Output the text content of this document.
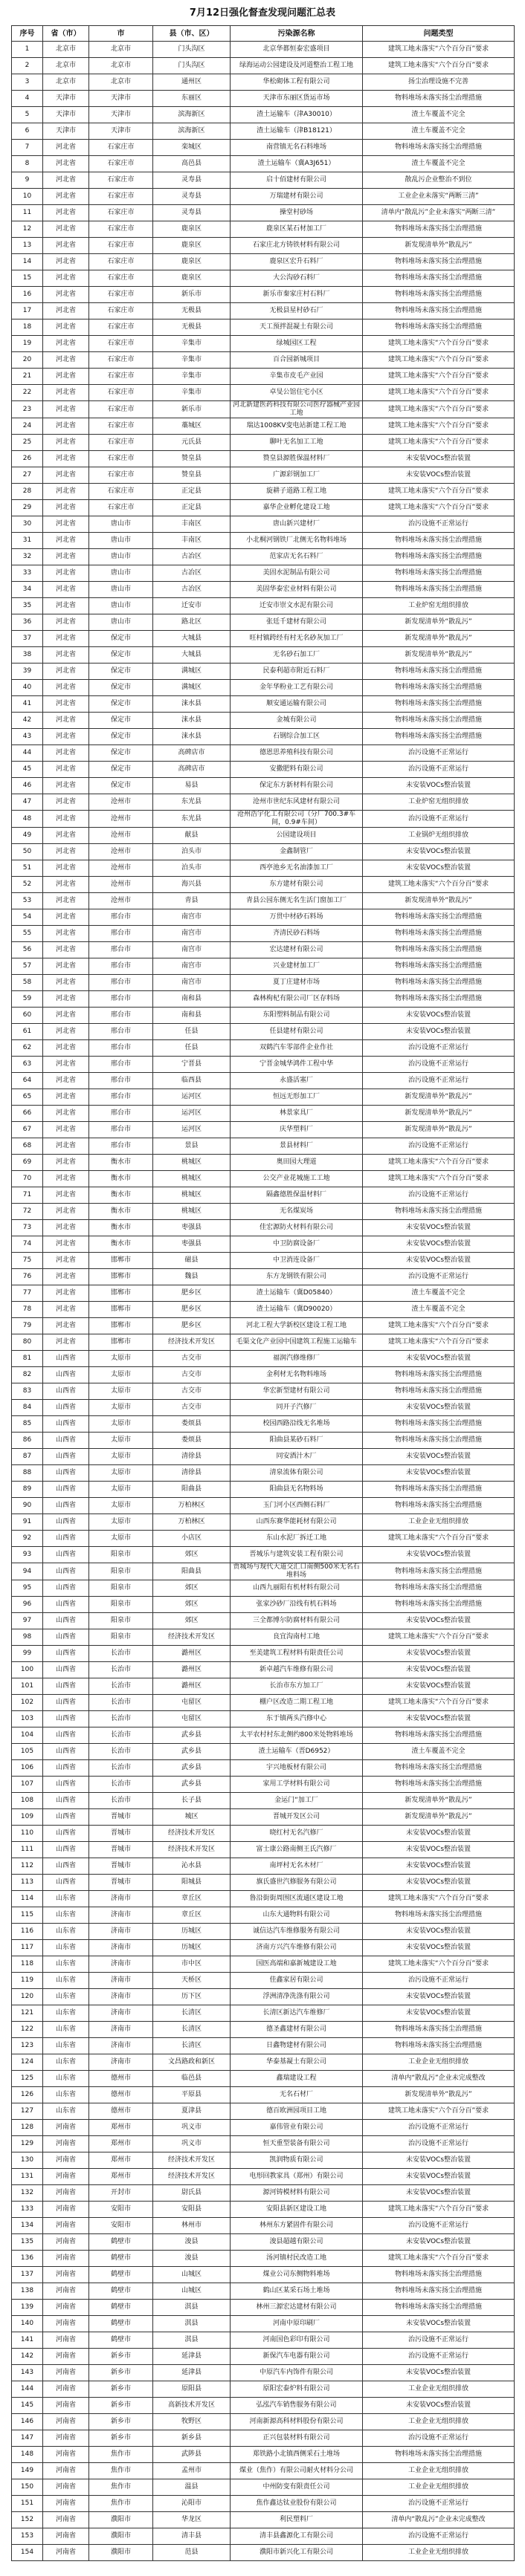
7月12日强化督查发现问题汇总表
序号	省（市）	市	县（市、区）	污染源名称	问题类型
1	北京市	北京市	门头沟区	北京华都恒泰宏盛项目	建筑工地未落实“六个百分百”要求
2	北京市	北京市	门头沟区	绿海运动公园建设及河道整治工程工地	建筑工地未落实“六个百分百”要求
3	北京市	北京市	通州区	华松砌体工程有限公司	扬尘治理设施不完善
4	天津市	天津市	东丽区	天津市东丽区货运市场	物料堆场未落实扬尘治理措施
5	天津市	天津市	滨海新区	渣土运输车（津A30010）	渣土车覆盖不完全
6	天津市	天津市	滨海新区	渣土运输车（津B18121）	渣土车覆盖不完全
7	河北省	石家庄市	栾城区	南营镇无名石料堆场	物料堆场未落实扬尘治理措施
8	河北省	石家庄市	高邑县	渣土运输车（冀A3J651）	渣土车覆盖不完全
9	河北省	石家庄市	灵寿县	启十佰建材有限公司	散乱污企业整治不到位
10	河北省	石家庄市	灵寿县	万瑞建材有限公司	工业企业未落实“两断三清”
11	河北省	石家庄市	灵寿县	操堂村砂场	清单内“散乱污”企业未落实“两断三清”
12	河北省	石家庄市	鹿泉区	鹿泉区某石材加工厂	物料堆场未落实扬尘治理措施
13	河北省	石家庄市	鹿泉区	石家庄北方铸铁材料有限公司	新发现清单外“散乱污”
14	河北省	石家庄市	鹿泉区	鹿泉区宏升石料厂	物料堆场未落实扬尘治理措施
15	河北省	石家庄市	鹿泉区	大公沟砂石料厂	物料堆场未落实扬尘治理措施
16	河北省	石家庄市	新乐市	新乐市秦家庄村石料厂	物料堆场未落实扬尘治理措施
17	河北省	石家庄市	无极县	无极县星村砂石厂	物料堆场未落实扬尘治理措施
18	河北省	石家庄市	无极县	天工预拌混凝土有限公司	物料堆场未落实扬尘治理措施
19	河北省	石家庄市	辛集市	绿城园区工程	建筑工地未落实“六个百分百”要求
20	河北省	石家庄市	辛集市	百合园新城项目	建筑工地未落实“六个百分百”要求
21	河北省	石家庄市	辛集市	辛集市皮毛产业园	建筑工地未落实“六个百分百”要求
22	河北省	石家庄市	辛集市	卓旻公馆住宅小区	建筑工地未落实“六个百分百”要求
23	河北省	石家庄市	新乐市	河北新建医药科技有限公司医疗器械产业园工地	建筑工地未落实“六个百分百”要求
24	河北省	石家庄市	藁城区	瑞达1008KV变电站新建工程工地	建筑工地未落实“六个百分百”要求
25	河北省	石家庄市	元氏县	聊叶无名加工工地	建筑工地未落实“六个百分百”要求
26	河北省	石家庄市	赞皇县	赞皇县源胜保温材料厂	未安装VOCs整治装置
27	河北省	石家庄市	赞皇县	广源彩钢加工厂	未安装VOCs整治装置
28	河北省	石家庄市	正定县	旋耕子道路工程工地	建筑工地未落实“六个百分百”要求
29	河北省	石家庄市	正定县	嘉华企业孵化建设工地	建筑工地未落实“六个百分百”要求
30	河北省	唐山市	丰南区	唐山新兴建材厂	治污设施不正常运行
31	河北省	唐山市	丰南区	小北桐河钢铁厂北侧无名物料堆场	物料堆场未落实扬尘治理措施
32	河北省	唐山市	古冶区	范家店无名石料厂	物料堆场未落实扬尘治理措施
33	河北省	唐山市	古冶区	美固水泥制品有限公司	物料堆场未落实扬尘治理措施
34	河北省	唐山市	古冶区	美固华泰宏业材料有限公司	物料堆场未落实扬尘治理措施
35	河北省	唐山市	迁安市	迁安市崇文水泥有限公司	工业炉窑无组织排放
36	河北省	唐山市	路北区	张廷千建材有限公司	新发现清单外“散乱污”
37	河北省	保定市	大城县	旺村镇跨经有村无名砂灰加工厂	新发现清单外“散乱污”
38	河北省	保定市	大城县	无名砂石加工厂	新发现清单外“散乱污”
39	河北省	保定市	满城区	民泰利超市附近石料厂	物料堆场未落实扬尘治理措施
40	河北省	保定市	满城区	金年华粉业工艺有限公司	物料堆场未落实扬尘治理措施
41	河北省	保定市	涞水县	顺安通运输有限公司	物料堆场未落实扬尘治理措施
42	河北省	保定市	涞水县	金城有限公司	物料堆场未落实扬尘治理措施
43	河北省	保定市	涞水县	石钢综合加工区	物料堆场未落实扬尘治理措施
44	河北省	保定市	高碑店市	德恩思养殖科技有限公司	治污设施不正常运行
45	河北省	保定市	高碑店市	安撒肥料有限公司	治污设施不正常运行
46	河北省	保定市	易县	保定东方新材料有限公司	未安装VOCs整治装置
47	河北省	沧州市	东光县	沧州市世纪东风建材有限公司	工业炉窑无组织排放
48	河北省	沧州市	东光县	沧州浩宇化工有限公司（分厂700.3#车间，0.9#车间）	治污设施不正常运行
49	河北省	沧州市	献县	公园建设项目	工业锅炉无组织排放
50	河北省	沧州市	泊头市	金鑫制管厂	未安装VOCs整治装置
51	河北省	沧州市	泊头市	西亭池乡无名油漆加工厂	未安装VOCs整治装置
52	河北省	沧州市	海兴县	东方建材有限公司	建筑工地未落实“六个百分百”要求
53	河北省	沧州市	青县	青县公园东侧无名生活门窗加工厂	新发现清单外“散乱污”
54	河北省	邢台市	南宫市	万贯中材砂石料场	物料堆场未落实扬尘治理措施
55	河北省	邢台市	南宫市	齐清民砂石料场	物料堆场未落实扬尘治理措施
56	河北省	邢台市	南宫市	宏达建材有限公司	物料堆场未落实扬尘治理措施
57	河北省	邢台市	南宫市	兴业建材加工厂	物料堆场未落实扬尘治理措施
58	河北省	邢台市	南宫市	夏丁庄建材市场	物料堆场未落实扬尘治理措施
59	河北省	邢台市	南和县	森林枸杞有限公司厂区存料场	物料堆场未落实扬尘治理措施
60	河北省	邢台市	南和县	东阳塑料制品有限公司	未安装VOCs整治装置
61	河北省	邢台市	任县	任县建材有限公司	未安装VOCs整治装置
62	河北省	邢台市	任县	双鹤汽车零部件企业作社	治污设施不正常运行
63	河北省	邢台市	宁晋县	宁晋金城华鸿件工程中华	治污设施不正常运行
64	河北省	邢台市	临西县	永盛活塞厂	治污设施不正常运行
65	河北省	邢台市	运河区	恒远无形加工厂	新发现清单外“散乱污”
66	河北省	邢台市	运河区	林景家具厂	新发现清单外“散乱污”
67	河北省	邢台市	运河区	庆华塑料厂	新发现清单外“散乱污”
68	河北省	邢台市	景县	景县材料厂	治污设施不正常运行
69	河北省	衡水市	桃城区	奥田园大理道	建筑工地未落实“六个百分百”要求
70	河北省	衡水市	桃城区	公交产业花城施工工地	建筑工地未落实“六个百分百”要求
71	河北省	衡水市	桃城区	隔鑫德胜保温材料厂	治污设施不正常运行
72	河北省	衡水市	桃城区	无名煤炭场	物料堆场未落实扬尘治理措施
73	河北省	衡水市	枣强县	佳宏源防火材料有限公司	未安装VOCs整治装置
74	河北省	衡水市	枣强县	中卫防腐设备厂	未安装VOCs整治装置
75	河北省	邯郸市	磁县	中卫消连设备厂	未安装VOCs整治装置
76	河北省	邯郸市	魏县	东方龙钢铁有限公司	治污设施不正常运行
77	河北省	邯郸市	肥乡区	渣土运输车（冀D05840）	渣土车覆盖不完全
78	河北省	邯郸市	肥乡区	渣土运输车（冀D90020）	渣土车覆盖不完全
79	河北省	邯郸市	肥乡区	河北工程大学新校区建设工程工地	建筑工地未落实“六个百分百”要求
80	河北省	邯郸市	经济技术开发区	毛渠文化产业园中国建筑工程施工运输车	建筑工地未落实“六个百分百”要求
81	山西省	太原市	古交市	福润汽修维修厂	未安装VOCs整治装置
82	山西省	太原市	古交市	金利材无名物料堆场	物料堆场未落实扬尘治理措施
83	山西省	太原市	古交市	华宏新型建材有限公司	物料堆场未落实扬尘治理措施
84	山西省	太原市	古交市	同开子汽修厂	未安装VOCs整治装置
85	山西省	太原市	娄烦县	校园西路沿线无名堆场	物料堆场未落实扬尘治理措施
86	山西省	太原市	娄烦县	阳曲县某砂石料厂	物料堆场未落实扬尘治理措施
87	山西省	太原市	清徐县	同安酒汁木厂	未安装VOCs整治装置
88	山西省	太原市	清徐县	清泉流体有限公司	未安装VOCs整治装置
89	山西省	太原市	阳曲县	阳曲县无名物料场	物料堆场未落实扬尘治理措施
90	山西省	太原市	万柏林区	玉门河小区西侧石料厂	物料堆场未落实扬尘治理措施
91	山西省	太原市	万柏林区	山西东赛华能耗材有限公司	工业企业无组织排放
92	山西省	太原市	小店区	东山水泥厂拆迁工地	建筑工地未落实“六个百分百”要求
93	山西省	阳泉市	郊区	晋城乐与建筑安装工程有限公司	未安装VOCs整治装置
94	山西省	阳泉市	阳曲县	贾城场与现代大道交汇口南侧500米无名石堆料场	物料堆场未落实扬尘治理措施
95	山西省	阳泉市	郊区	山西九丽阳有机材料有限公司	物料堆场未落实扬尘治理措施
96	山西省	阳泉市	郊区	张家沙砂厂沿线有机石料场	物料堆场未落实扬尘治理措施
97	山西省	阳泉市	郊区	三全都博尔防腐材料有限公司	未安装VOCs整治装置
98	山西省	阳泉市	经济技术开发区	良宜沟南村工地	建筑工地未落实“六个百分百”要求
99	山西省	长治市	潞州区	至美建筑工程材料有限责任公司	未安装VOCs整治装置
100	山西省	长治市	潞州区	新卓越汽车维修有限公司	未安装VOCs整治装置
101	山西省	长治市	潞州区	长治市东方加工厂	未安装VOCs整治装置
102	山西省	长治市	屯留区	棚户区改造二期工程工地	建筑工地未落实“六个百分百”要求
103	山西省	长治市	屯留区	东于镇两头汽修中心	未安装VOCs整治装置
104	山西省	长治市	武乡县	太平农村村东北侧约800米处物料堆场	物料堆场未落实扬尘治理措施
105	山西省	长治市	武乡县	渣土运输车（晋D6952）	渣土车覆盖不完全
106	山西省	长治市	武乡县	宇兴地板材有限公司	物料堆场未落实扬尘治理措施
107	山西省	长治市	武乡县	家用工学材料有限公司	物料堆场未落实扬尘治理措施
108	山西省	长治市	长子县	金运门“加工厂	新发现清单外“散乱污”
109	山西省	晋城市	城区	晋城开发区公司	新发现清单外“散乱污”
110	山西省	晋城市	经济技术开发区	晓红村无名汽修厂	未安装VOCs整治装置
111	山西省	晋城市	经济技术开发区	富士康公路南侧王氏汽修厂	未安装VOCs整治装置
112	山西省	晋城市	沁水县	南坪村无名木材厂	未安装VOCs整治装置
113	山西省	晋城市	阳城县	旗氏盛世汽修服务有限公司	未安装VOCs整治装置
114	山东省	济南市	章丘区	鲁沿街街周围区流通区建设工地	建筑工地未落实“六个百分百”要求
115	山东省	济南市	章丘区	山东大通物料有限公司	物料堆场未落实扬尘治理措施
116	山东省	济南市	历城区	诚信达汽车维修服务有限公司	未安装VOCs整治装置
117	山东省	济南市	历城区	济南方兴汽车维修有限公司	未安装VOCs整治装置
118	山东省	济南市	市中区	国医高端和嘉新城建设工地	建筑工地未落实“六个百分百”要求
119	山东省	济南市	天桥区	佳鑫家居有限公司	治污设施不正常运行
120	山东省	济南市	历下区	浮洲清净洗涤有限公司	未安装VOCs整治装置
121	山东省	济南市	长清区	长清区新达汽车维修厂	未安装VOCs整治装置
122	山东省	济南市	长清区	德圣鑫建材有限公司	物料堆场未落实扬尘治理措施
123	山东省	济南市	长清区	日鑫物建材有限公司	物料堆场未落实扬尘治理措施
124	山东省	济南市	文昌路政和新区	华泰基凝土有限公司	工业企业无组织排放
125	山东省	德州市	临邑县	鑫瑞建设工程	清单内“散乱污”企业未完成整改
126	山东省	德州市	平原县	无名石材厂	新发现清单外“散乱污”
127	山东省	德州市	夏津县	德百欧洲园项目工地	建筑工地未落实“六个百分百”要求
128	河南省	郑州市	巩义市	嘉伟管业有限公司	治污设施不正常运行
129	河南省	郑州市	巩义市	恒天重型装备有限公司	治污设施不正常运行
130	河南省	郑州市	经济技术开发区	凯润物质有限公司	未安装VOCs整治装置
131	河南省	郑州市	经济技术开发区	电形回教家具（郑州）有限公司	未安装VOCs整治装置
132	河南省	开封市	尉氏县	源河铸模材料有限公司	未安装VOCs整治装置
133	河南省	安阳市	安阳县	安阳县新区建设工地	建筑工地未落实“六个百分百”要求
134	河南省	安阳市	林州市	林州东方紧固件有限公司	治污设施不正常运行
135	河南省	鹤壁市	浚县	浚县超越有限公司	未安装VOCs整治装置
136	河南省	鹤壁市	浚县	汤河镇村民改造工地	建筑工地未落实“六个百分百”要求
137	河南省	鹤壁市	山城区	煤业公司东侧物料堆场	物料堆场未落实扬尘治理措施
138	河南省	鹤壁市	山城区	鹤山区某采石场土堆场	物料堆场未落实扬尘治理措施
139	河南省	鹤壁市	淇县	林州三源宏达建材有限公司	物料堆场未落实扬尘治理措施
140	河南省	鹤壁市	淇县	河南中原印刷厂	未安装VOCs整治装置
141	河南省	鹤壁市	淇县	河南国色彩印有限公司	治污设施不正常运行
142	河南省	新乡市	延津县	新保汽车电器有限公司	治污设施不正常运行
143	河南省	新乡市	延津县	中原汽车内饰件有限公司	未安装VOCs整治装置
144	河南省	新乡市	原阳县	原阳宏泰炉料有限公司	工业企业无组织排放
145	河南省	新乡市	高新技术开发区	弘泓汽车销售服务有限公司	未安装VOCs整治装置
146	河南省	新乡市	牧野区	河南新源高科材料股份有限公司	工业企业无组织排放
147	河南省	新乡市	新乡县	正兴包装材料有限公司	治污设施不正常运行
148	河南省	焦作市	武陟县	郑铁路小北镇西侧采石土堆场	物料堆场未落实扬尘治理措施
149	河南省	焦作市	孟州市	煤业（焦作）有限公司耐火材料分公司	工业企业无组织排放
150	河南省	焦作市	温县	中州防变有限责任公司	工业企业无组织排放
151	河南省	焦作市	沁阳市	焦作鑫达钛业股份有限公司	治污设施不正常运行
152	河南省	濮阳市	华龙区	利民塑料厂	清单内“散乱污”企业未完成整改
153	河南省	濮阳市	清丰县	清丰县鑫源化工有限公司	治污设施不正常运行
154	河南省	濮阳市	范县	濮阳市新兴化工有限公司	工业企业无组织排放
